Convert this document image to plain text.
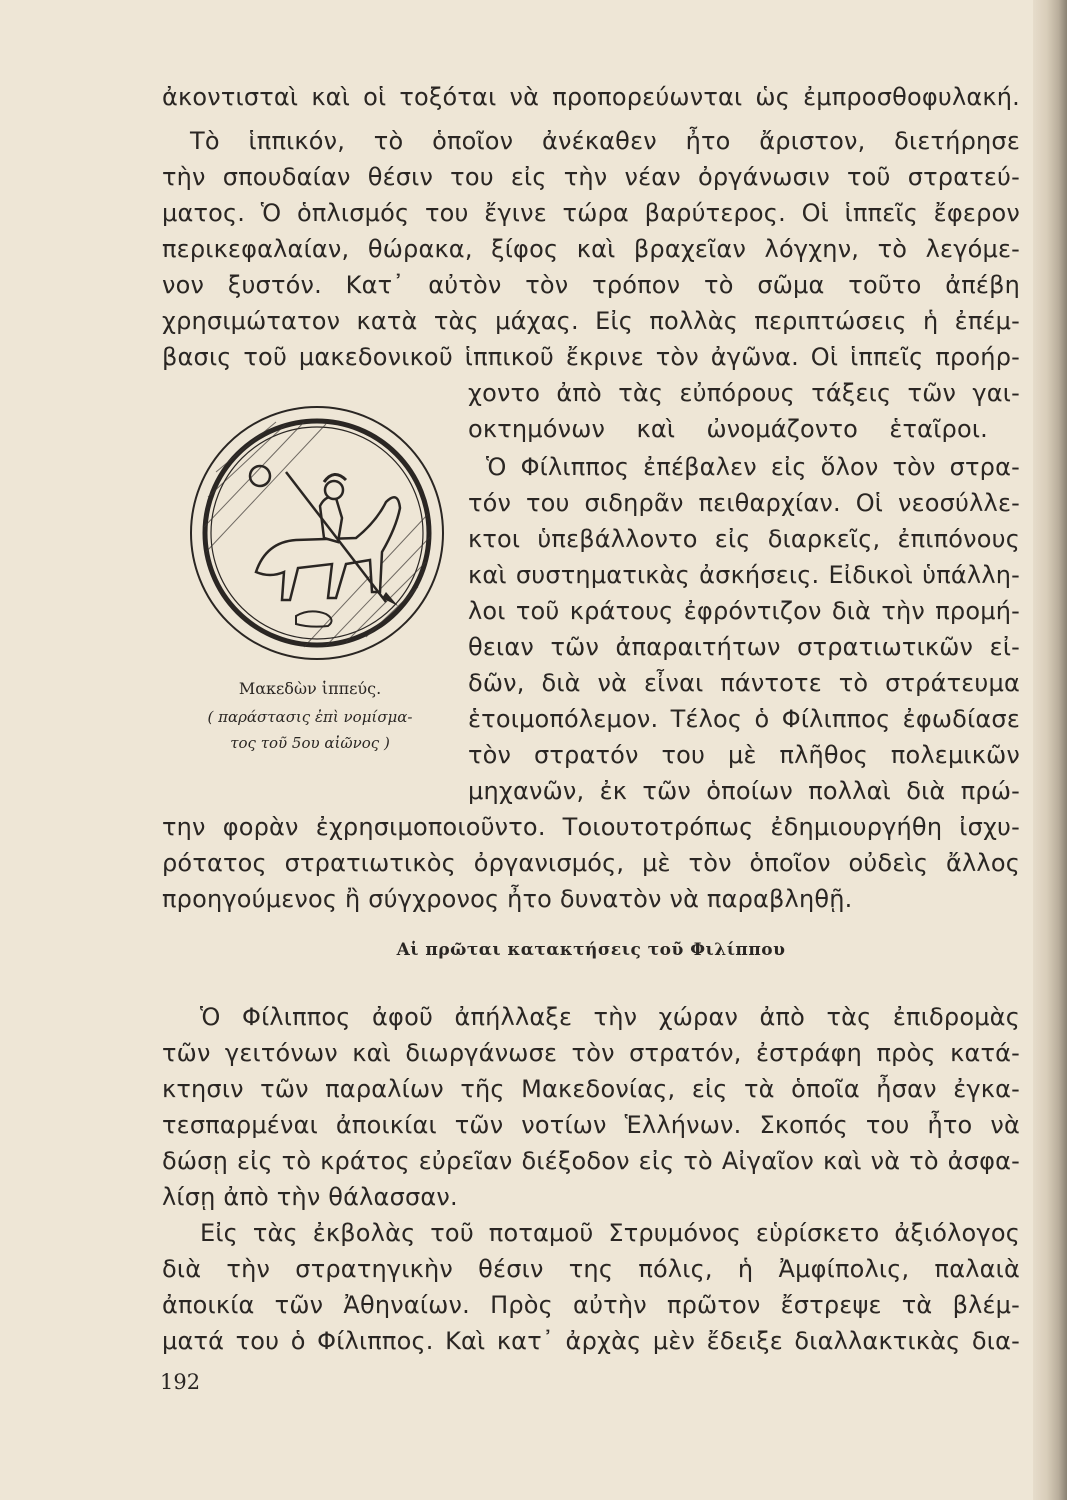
ἀκοντισταὶ καὶ οἱ τοξόται νὰ προπορεύωνται ὡς ἐμπροσθοφυλακή.
Τὸ ἱππικόν, τὸ ὁποῖον ἀνέκαθεν ἦτο ἄριστον, διετήρησε
τὴν σπουδαίαν θέσιν του εἰς τὴν νέαν ὀργάνωσιν τοῦ στρατεύ-
ματος. Ὁ ὁπλισμός του ἔγινε τώρα βαρύτερος. Οἱ ἱππεῖς ἔφερον
περικεφαλαίαν, θώρακα, ξίφος καὶ βραχεῖαν λόγχην, τὸ λεγόμε-
νον ξυστόν. Κατ᾿ αὐτὸν τὸν τρόπον τὸ σῶμα τοῦτο ἀπέβη
χρησιμώτατον κατὰ τὰς μάχας. Εἰς πολλὰς περιπτώσεις ἡ ἐπέμ-
βασις τοῦ μακεδονικοῦ ἱππικοῦ ἔκρινε τὸν ἀγῶνα. Οἱ ἱππεῖς προήρ-
χοντο ἀπὸ τὰς εὐπόρους τάξεις τῶν γαι-
οκτημόνων καὶ ὠνομάζοντο ἑταῖροι.
Ὁ Φίλιππος ἐπέβαλεν εἰς ὅλον τὸν στρα-
τόν του σιδηρᾶν πειθαρχίαν. Οἱ νεοσύλλε-
κτοι ὑπεβάλλοντο εἰς διαρκεῖς, ἐπιπόνους
καὶ συστηματικὰς ἀσκήσεις. Εἰδικοὶ ὑπάλλη-
λοι τοῦ κράτους ἐφρόντιζον διὰ τὴν προμή-
θειαν τῶν ἀπαραιτήτων στρατιωτικῶν εἰ-
δῶν, διὰ νὰ εἶναι πάντοτε τὸ στράτευμα
ἑτοιμοπόλεμον. Τέλος ὁ Φίλιππος ἐφωδίασε
τὸν στρατόν του μὲ πλῆθος πολεμικῶν
μηχανῶν, ἐκ τῶν ὁποίων πολλαὶ διὰ πρώ-
Μακεδὼν ἱππεύς.
( παράστασις ἐπὶ νομίσμα-
τος τοῦ 5ου αἰῶνος )
την φορὰν ἐχρησιμοποιοῦντο. Τοιουτοτρόπως ἐδημιουργήθη ἰσχυ-
ρότατος στρατιωτικὸς ὀργανισμός, μὲ τὸν ὁποῖον οὐδεὶς ἄλλος
προηγούμενος ἢ σύγχρονος ἦτο δυνατὸν νὰ παραβληθῇ.
Αἱ πρῶται κατακτήσεις τοῦ Φιλίππου
Ὁ Φίλιππος ἀφοῦ ἀπήλλαξε τὴν χώραν ἀπὸ τὰς ἐπιδρομὰς
τῶν γειτόνων καὶ διωργάνωσε τὸν στρατόν, ἐστράφη πρὸς κατά-
κτησιν τῶν παραλίων τῆς Μακεδονίας, εἰς τὰ ὁποῖα ἦσαν ἐγκα-
τεσπαρμέναι ἀποικίαι τῶν νοτίων Ἑλλήνων. Σκοπός του ἦτο νὰ
δώσῃ εἰς τὸ κράτος εὐρεῖαν διέξοδον εἰς τὸ Αἰγαῖον καὶ νὰ τὸ ἀσφα-
λίσῃ ἀπὸ τὴν θάλασσαν.
Εἰς τὰς ἐκβολὰς τοῦ ποταμοῦ Στρυμόνος εὑρίσκετο ἀξιόλογος
διὰ τὴν στρατηγικὴν θέσιν της πόλις, ἡ Ἀμφίπολις, παλαιὰ
ἀποικία τῶν Ἀθηναίων. Πρὸς αὐτὴν πρῶτον ἔστρεψε τὰ βλέμ-
ματά του ὁ Φίλιππος. Καὶ κατ᾿ ἀρχὰς μὲν ἔδειξε διαλλακτικὰς δια-
192
